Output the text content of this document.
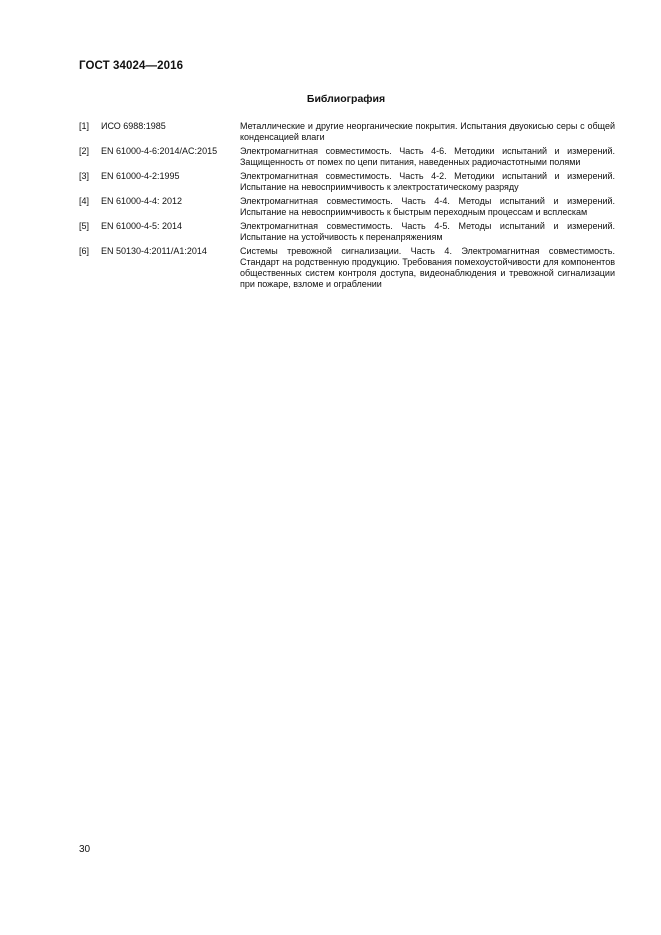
ГОСТ 34024—2016
Библиография
[1]	ИСО 6988:1985	Металлические и другие неорганические покрытия. Испытания двуокисью серы с общей конденсацией влаги
[2]	EN 61000-4-6:2014/AC:2015	Электромагнитная совместимость. Часть 4-6. Методики испытаний и измерений. Защищенность от помех по цепи питания, наведенных радиочастотными полями
[3]	EN 61000-4-2:1995	Электромагнитная совместимость. Часть 4-2. Методики испытаний и измерений. Испытание на невосприимчивость к электростатическому разряду
[4]	EN 61000-4-4: 2012	Электромагнитная совместимость. Часть 4-4. Методы испытаний и измерений. Испытание на невосприимчивость к быстрым переходным процессам и всплескам
[5]	EN 61000-4-5: 2014	Электромагнитная совместимость. Часть 4-5. Методы испытаний и измерений. Испытание на устойчивость к перенапряжениям
[6]	EN 50130-4:2011/A1:2014	Системы тревожной сигнализации. Часть 4. Электромагнитная совместимость. Стандарт на родственную продукцию. Требования помехоустойчивости для компонентов общественных систем контроля доступа, видеонаблюдения и тревожной сигнализации при пожаре, взломе и ограблении
30
